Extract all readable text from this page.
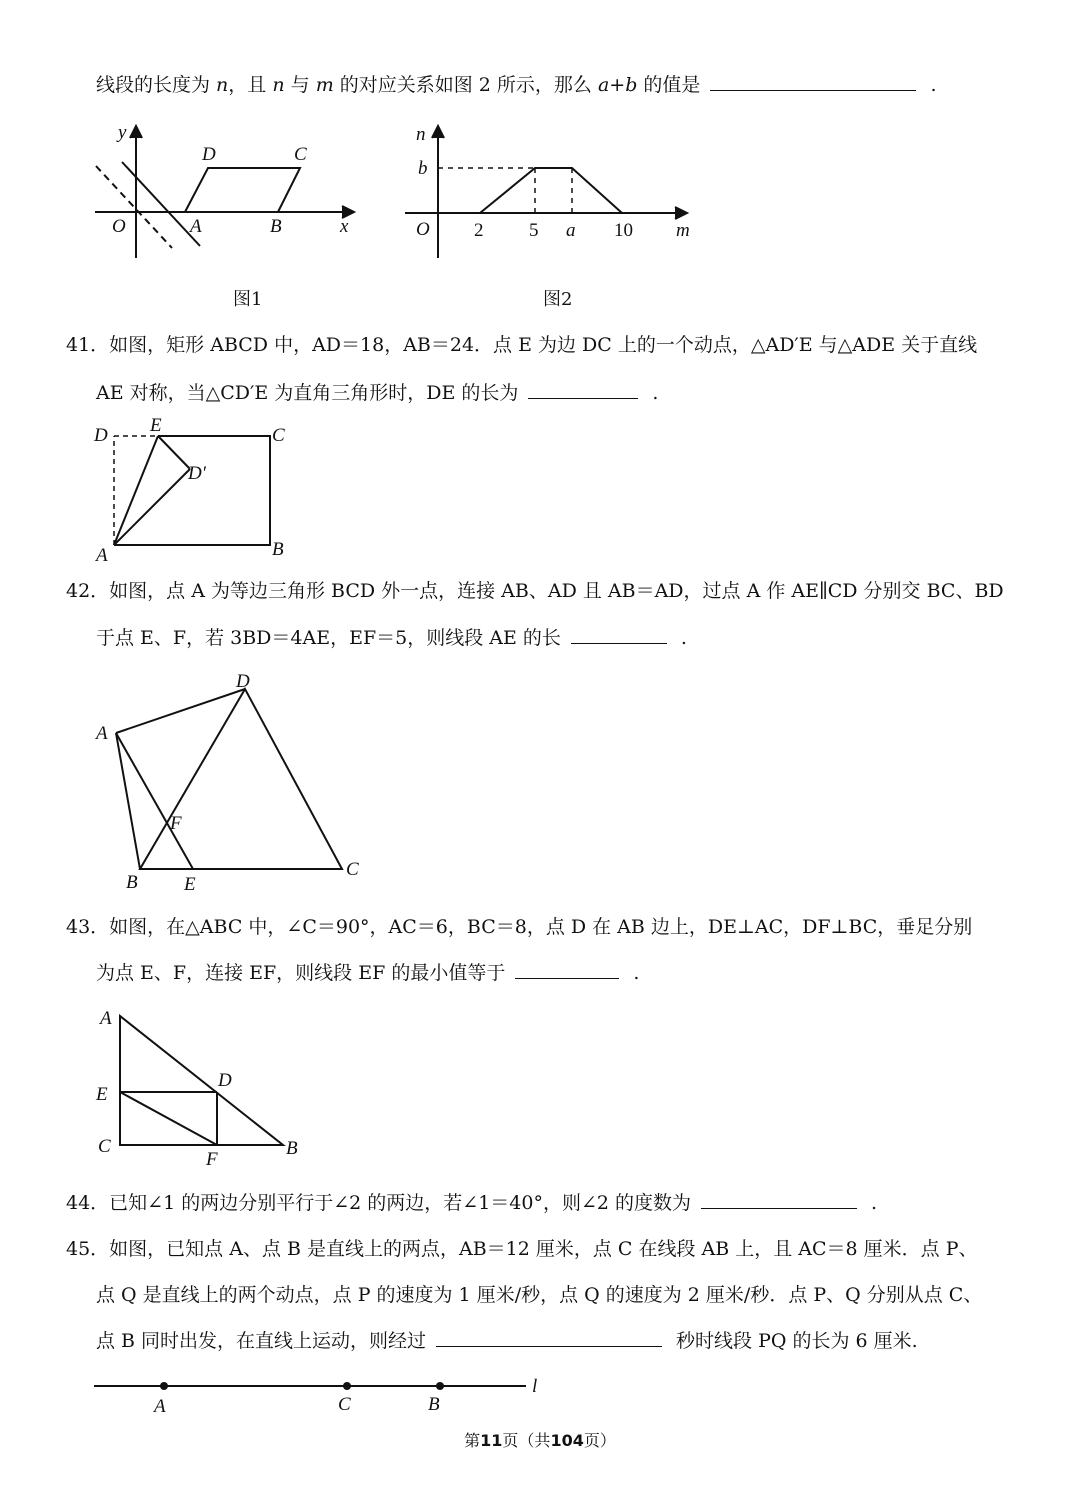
线段的长度为 n，且 n 与 m 的对应关系如图 2 所示，那么 a+b 的值是	.
y
O	A	B	x
D	C
图1
n
b
O 2 5 a 10 m
图2
41．如图，矩形 ABCD 中，AD＝18，AB＝24．点 E 为边 DC 上的一个动点，△AD′E 与△ADE 关于直线
AE 对称，当△CD′E 为直角三角形时，DE 的长为	.
D E	C
D′
A	B
42．如图，点 A 为等边三角形 BCD 外一点，连接 AB、AD 且 AB＝AD，过点 A 作 AE∥CD 分别交 BC、BD
于点 E、F，若 3BD＝4AE，EF＝5，则线段 AE 的长	.
A
D
F
B E
C
43．如图，在△ABC 中，∠C＝90°，AC＝6，BC＝8，点 D 在 AB 边上，DE⊥AC，DF⊥BC，垂足分别
为点 E、F，连接 EF，则线段 EF 的最小值等于	.
A
D
E
C
F
B
44．已知∠1 的两边分别平行于∠2 的两边，若∠1＝40°，则∠2 的度数为	.
45．如图，已知点 A、点 B 是直线上的两点，AB＝12 厘米，点 C 在线段 AB 上，且 AC＝8 厘米．点 P、
点 Q 是直线上的两个动点，点 P 的速度为 1 厘米/秒，点 Q 的速度为 2 厘米/秒．点 P、Q 分别从点 C、
点 B 同时出发，在直线上运动，则经过	秒时线段 PQ 的长为 6 厘米.
A	C	B
l
第11页（共104页）
